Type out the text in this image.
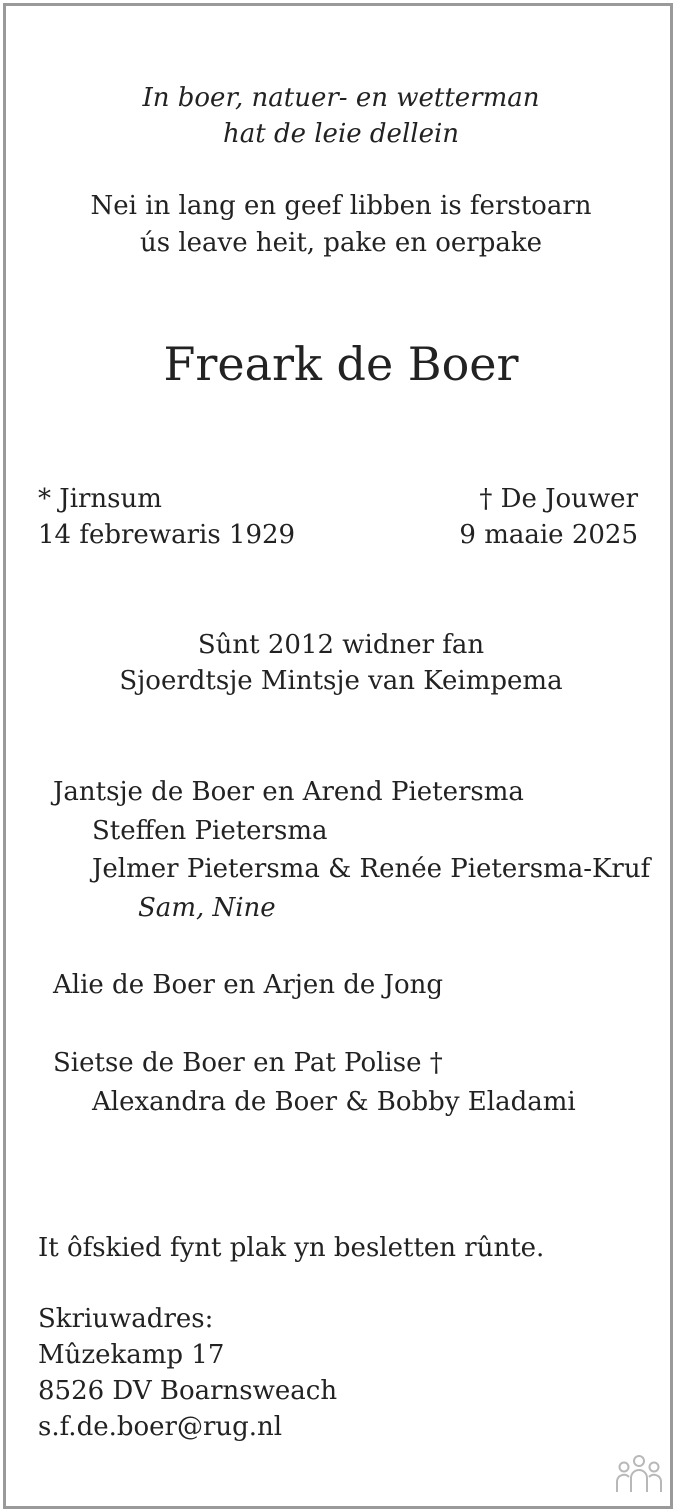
In boer, natuer- en wetterman
hat de leie dellein
Nei in lang en geef libben is ferstoarn
ús leave heit, pake en oerpake
Freark de Boer
* Jirnsum
14 febrewaris 1929
† De Jouwer
9 maaie 2025
Sûnt 2012 widner fan
Sjoerdtsje Mintsje van Keimpema
Jantsje de Boer en Arend Pietersma
Steffen Pietersma
Jelmer Pietersma & Renée Pietersma-Kruf
Sam, Nine
Alie de Boer en Arjen de Jong
Sietse de Boer en Pat Polise †
Alexandra de Boer & Bobby Eladami
It ôfskied fynt plak yn besletten rûnte.
Skriuwadres:
Mûzekamp 17
8526 DV Boarnsweach
s.f.de.boer@rug.nl
